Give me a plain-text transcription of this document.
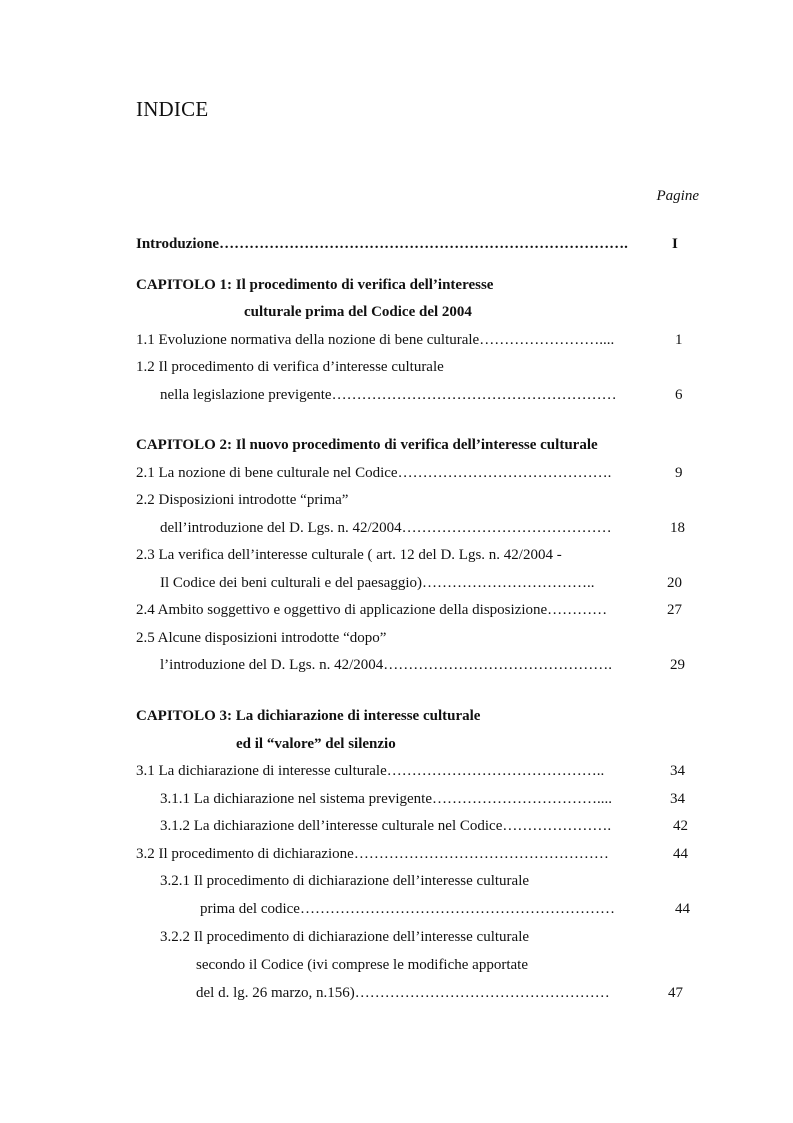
INDICE
Pagine
Introduzione……………………………………………………………………….	I
CAPITOLO 1: Il procedimento di verifica dell’interesse
culturale prima del Codice del 2004
1.1 Evoluzione normativa della nozione di bene culturale……………………....	1
1.2 Il procedimento di verifica d’interesse culturale
nella legislazione previgente…………………………………………………	6
CAPITOLO 2: Il nuovo procedimento di verifica dell’interesse culturale
2.1 La nozione di bene culturale nel Codice…………………………………….	9
2.2 Disposizioni introdotte “prima”
dell’introduzione del D. Lgs. n. 42/2004……………………………………	18
2.3 La verifica dell’interesse culturale ( art. 12 del D. Lgs. n. 42/2004 -
Il Codice dei beni culturali e del paesaggio)……………………………..	20
2.4 Ambito soggettivo e oggettivo di applicazione della disposizione…………	27
2.5 Alcune disposizioni introdotte “dopo”
l’introduzione del D. Lgs. n. 42/2004……………………………………….	29
CAPITOLO 3: La dichiarazione di interesse culturale
ed il “valore” del silenzio
3.1 La dichiarazione di interesse culturale……………………………………..	34
3.1.1 La dichiarazione nel sistema previgente……………………………....	34
3.1.2 La dichiarazione dell’interesse culturale nel Codice………………….	42
3.2 Il procedimento di dichiarazione……………………………………………	44
3.2.1 Il procedimento di dichiarazione dell’interesse culturale
prima del codice………………………………………………………	44
3.2.2 Il procedimento di dichiarazione dell’interesse culturale
secondo il Codice (ivi comprese le modifiche apportate
del d. lg. 26 marzo, n.156)……………………………………………	47
